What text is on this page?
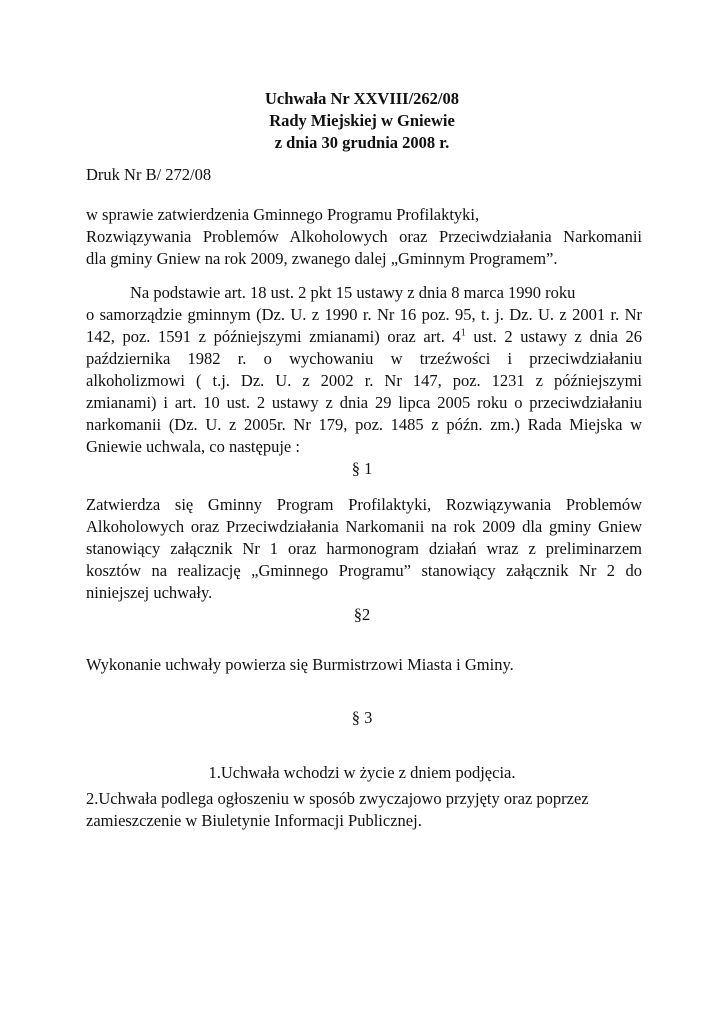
Uchwała Nr XXVIII/262/08
Rady Miejskiej w Gniewie
z dnia 30 grudnia 2008 r.
Druk Nr B/ 272/08
w sprawie zatwierdzenia Gminnego Programu Profilaktyki,
Rozwiązywania Problemów Alkoholowych oraz Przeciwdziałania Narkomanii
dla gminy Gniew na rok 2009, zwanego dalej „Gminnym Programem”.
Na podstawie art. 18 ust. 2 pkt 15 ustawy z dnia 8 marca 1990 roku
o samorządzie gminnym (Dz. U. z 1990 r. Nr 16 poz. 95, t. j. Dz. U. z 2001 r. Nr
142, poz. 1591 z późniejszymi zmianami) oraz art. $4^1$ ust. 2 ustawy z dnia 26
października 1982 r. o wychowaniu w trzeźwości i przeciwdziałaniu
alkoholizmowi ( t.j. Dz. U. z 2002 r. Nr 147, poz. 1231 z późniejszymi
zmianami) i art. 10 ust. 2 ustawy z dnia 29 lipca 2005 roku o przeciwdziałaniu
narkomanii (Dz. U. z 2005r. Nr 179, poz. 1485 z późn. zm.) Rada Miejska w
Gniewie uchwala, co następuje :
§ 1
Zatwierdza się Gminny Program Profilaktyki, Rozwiązywania Problemów
Alkoholowych oraz Przeciwdziałania Narkomanii na rok 2009 dla gminy Gniew
stanowiący załącznik Nr 1 oraz harmonogram działań wraz z preliminarzem
kosztów na realizację „Gminnego Programu” stanowiący załącznik Nr 2 do
niniejszej uchwały.
§2
Wykonanie uchwały powierza się Burmistrzowi Miasta i Gminy.
§ 3
1.Uchwała wchodzi w życie z dniem podjęcia.
2.Uchwała podlega ogłoszeniu w sposób zwyczajowo przyjęty oraz poprzez
zamieszczenie w Biuletynie Informacji Publicznej.
